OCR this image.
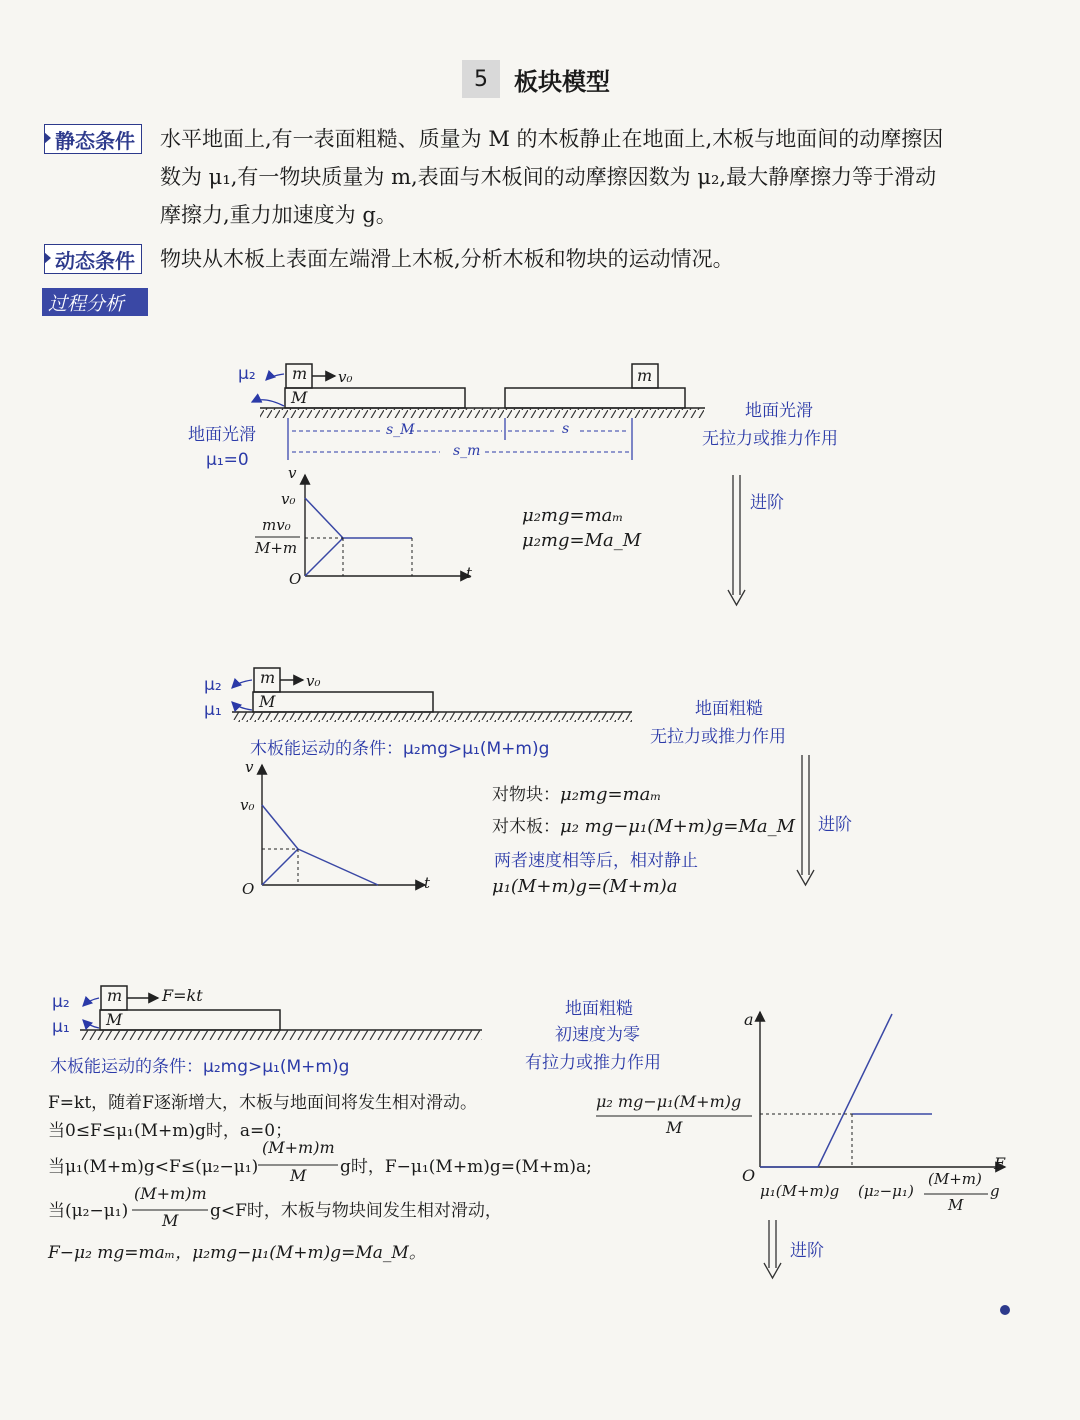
5	板块模型
静态条件	水平地面上,有一表面粗糙、质量为 M 的木板静止在地面上,木板与地面间的动摩擦因
数为 μ₁,有一物块质量为 m,表面与木板间的动摩擦因数为 μ₂,最大静摩擦力等于滑动
摩擦力,重力加速度为 g。
动态条件	物块从木板上表面左端滑上木板,分析木板和物块的运动情况。
过程分析
μ₂ m
M
v₀	m
地面光滑
μ₁=0
s_M	s
s_m
地面光滑
无拉力或推力作用
v
v₀
mv₀
M+m
O	t
μ₂mg=maₘ
μ₂mg=Ma_M
进阶
μ₂
μ₁
m
M
v₀
木板能运动的条件：μ₂mg>μ₁(M+m)g
地面粗糙
无拉力或推力作用
v
v₀
O	t
对物块：μ₂mg=maₘ
对木板：μ₂ mg−μ₁(M+m)g=Ma_M
两者速度相等后，相对静止
μ₁(M+m)g=(M+m)a
进阶
μ₂
μ₁
m
M
F=kt
木板能运动的条件：μ₂mg>μ₁(M+m)g
地面粗糙
初速度为零
有拉力或推力作用
F=kt，随着F逐渐增大，木板与地面间将发生相对滑动。
当0≤F≤μ₁(M+m)g时，a=0；
当μ₁(M+m)g<F≤(μ₂−μ₁)
(M+m)m
M g时，F−μ₁(M+m)g=(M+m)a;
当(μ₂−μ₁)
(M+m)m
M g<F时，木板与物块间发生相对滑动，
F−μ₂ mg=maₘ，μ₂mg−μ₁(M+m)g=Ma_M。
a
O
F
μ₂ mg−μ₁(M+m)g
M
μ₁(M+m)g (μ₂−μ₁)
(M+m)
M
g
进阶
